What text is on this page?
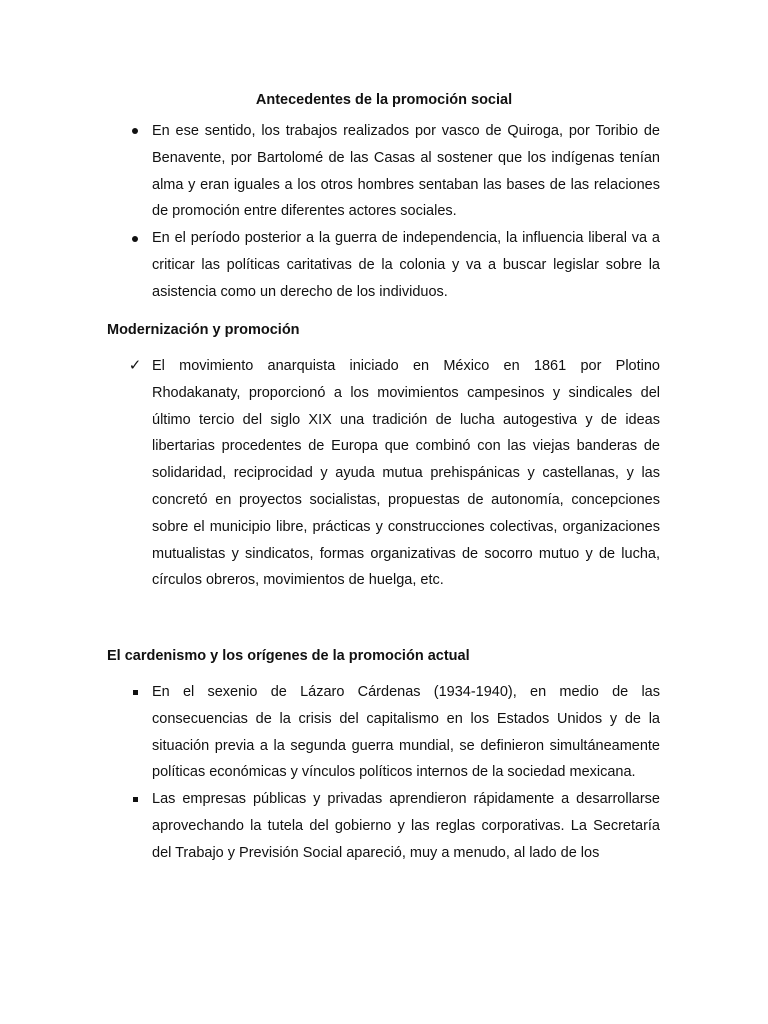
Antecedentes de la promoción social

En ese sentido, los trabajos realizados por vasco de Quiroga, por Toribio de Benavente, por Bartolomé de las Casas al sostener que los indígenas tenían alma y eran iguales a los otros hombres sentaban las bases de las relaciones de promoción entre diferentes actores sociales.

En el período posterior a la guerra de independencia, la influencia liberal va a criticar las políticas caritativas de la colonia y va a buscar legislar sobre la asistencia como un derecho de los individuos.

Modernización y promoción
✓ El movimiento anarquista iniciado en México en 1861 por Plotino Rhodakanaty, proporcionó a los movimientos campesinos y sindicales del último tercio del siglo XIX una tradición de lucha autogestiva y de ideas libertarias procedentes de Europa que combinó con las viejas banderas de solidaridad, reciprocidad y ayuda mutua prehispánicas y castellanas, y las concretó en proyectos socialistas, propuestas de autonomía, concepciones sobre el municipio libre, prácticas y construcciones colectivas, organizaciones mutualistas y sindicatos, formas organizativas de socorro mutuo y de lucha, círculos obreros, movimientos de huelga, etc.

El cardenismo y los orígenes de la promoción actual

En el sexenio de Lázaro Cárdenas (1934-1940), en medio de las consecuencias de la crisis del capitalismo en los Estados Unidos y de la situación previa a la segunda guerra mundial, se definieron simultáneamente políticas económicas y vínculos políticos internos de la sociedad mexicana.

Las empresas públicas y privadas aprendieron rápidamente a desarrollarse aprovechando la tutela del gobierno y las reglas corporativas. La Secretaría del Trabajo y Previsión Social apareció, muy a menudo, al lado de los
